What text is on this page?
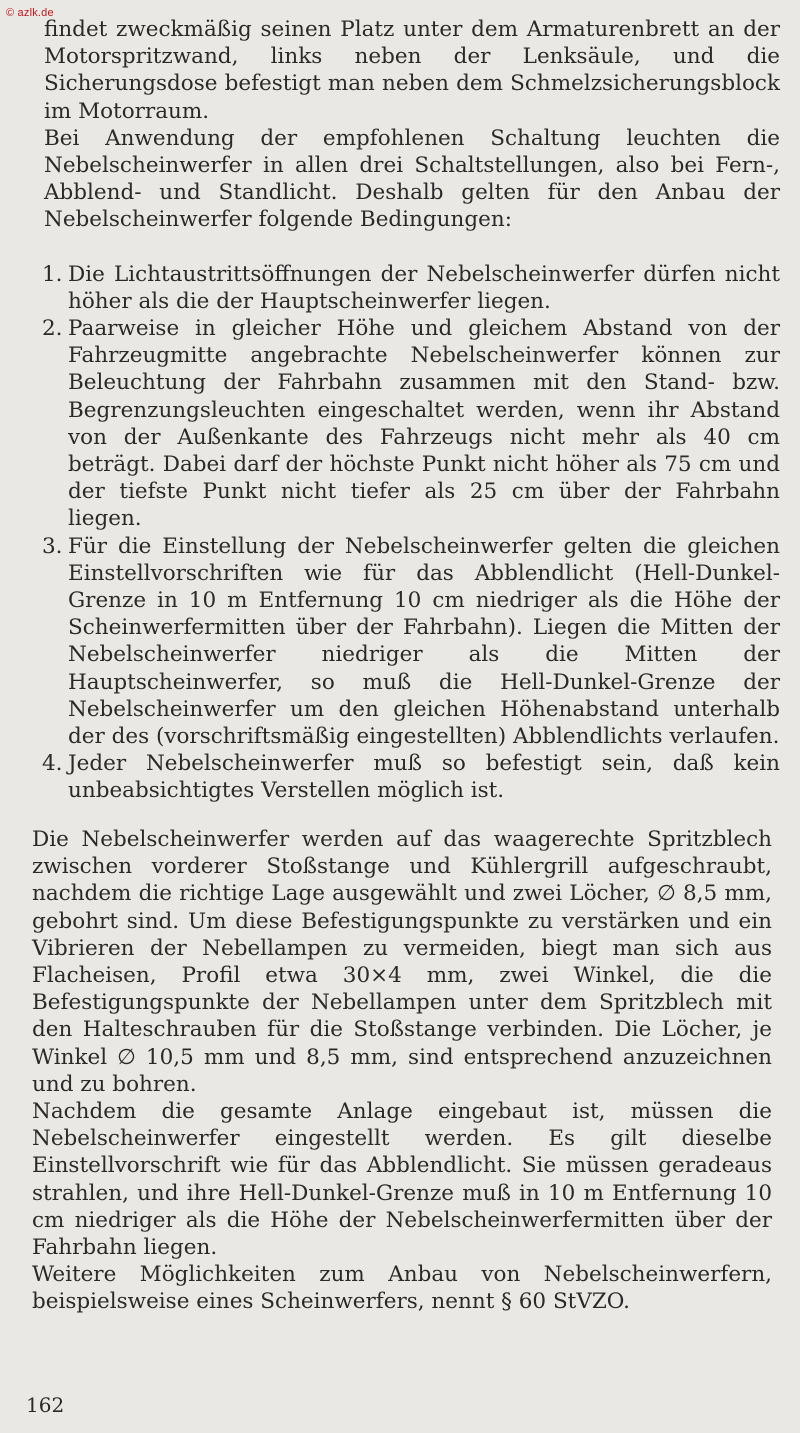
© azlk.de

findet zweckmäßig seinen Platz unter dem Armaturenbrett an der Motorspritzwand, links neben der Lenksäule, und die Sicherungsdose befestigt man neben dem Schmelzsicherungsblock im Motorraum.

Bei Anwendung der empfohlenen Schaltung leuchten die Nebelscheinwerfer in allen drei Schaltstellungen, also bei Fern-, Abblend- und Standlicht. Deshalb gelten für den Anbau der Nebelscheinwerfer folgende Bedingungen:

1. Die Lichtaustrittsöffnungen der Nebelscheinwerfer dürfen nicht höher als die der Hauptscheinwerfer liegen.
2. Paarweise in gleicher Höhe und gleichem Abstand von der Fahrzeugmitte angebrachte Nebelscheinwerfer können zur Beleuchtung der Fahrbahn zusammen mit den Stand- bzw. Begrenzungsleuchten eingeschaltet werden, wenn ihr Abstand von der Außenkante des Fahrzeugs nicht mehr als 40 cm beträgt. Dabei darf der höchste Punkt nicht höher als 75 cm und der tiefste Punkt nicht tiefer als 25 cm über der Fahrbahn liegen.
3. Für die Einstellung der Nebelscheinwerfer gelten die gleichen Einstellvorschriften wie für das Abblendlicht (Hell-Dunkel-Grenze in 10 m Entfernung 10 cm niedriger als die Höhe der Scheinwerfermitten über der Fahrbahn). Liegen die Mitten der Nebelscheinwerfer niedriger als die Mitten der Hauptscheinwerfer, so muß die Hell-Dunkel-Grenze der Nebelscheinwerfer um den gleichen Höhenabstand unterhalb der des (vorschriftsmäßig eingestellten) Abblendlichts verlaufen.
4. Jeder Nebelscheinwerfer muß so befestigt sein, daß kein unbeabsichtigtes Verstellen möglich ist.

Die Nebelscheinwerfer werden auf das waagerechte Spritzblech zwischen vorderer Stoßstange und Kühlergrill aufgeschraubt, nachdem die richtige Lage ausgewählt und zwei Löcher, ∅ 8,5 mm, gebohrt sind. Um diese Befestigungspunkte zu verstärken und ein Vibrieren der Nebellampen zu vermeiden, biegt man sich aus Flacheisen, Profil etwa 30×4 mm, zwei Winkel, die die Befestigungspunkte der Nebellampen unter dem Spritzblech mit den Halteschrauben für die Stoßstange verbinden. Die Löcher, je Winkel ∅ 10,5 mm und 8,5 mm, sind entsprechend anzuzeichnen und zu bohren.

Nachdem die gesamte Anlage eingebaut ist, müssen die Nebelscheinwerfer eingestellt werden. Es gilt dieselbe Einstellvorschrift wie für das Abblendlicht. Sie müssen geradeaus strahlen, und ihre Hell-Dunkel-Grenze muß in 10 m Entfernung 10 cm niedriger als die Höhe der Nebelscheinwerfermitten über der Fahrbahn liegen.

Weitere Möglichkeiten zum Anbau von Nebelscheinwerfern, beispielsweise eines Scheinwerfers, nennt § 60 StVZO.

162
